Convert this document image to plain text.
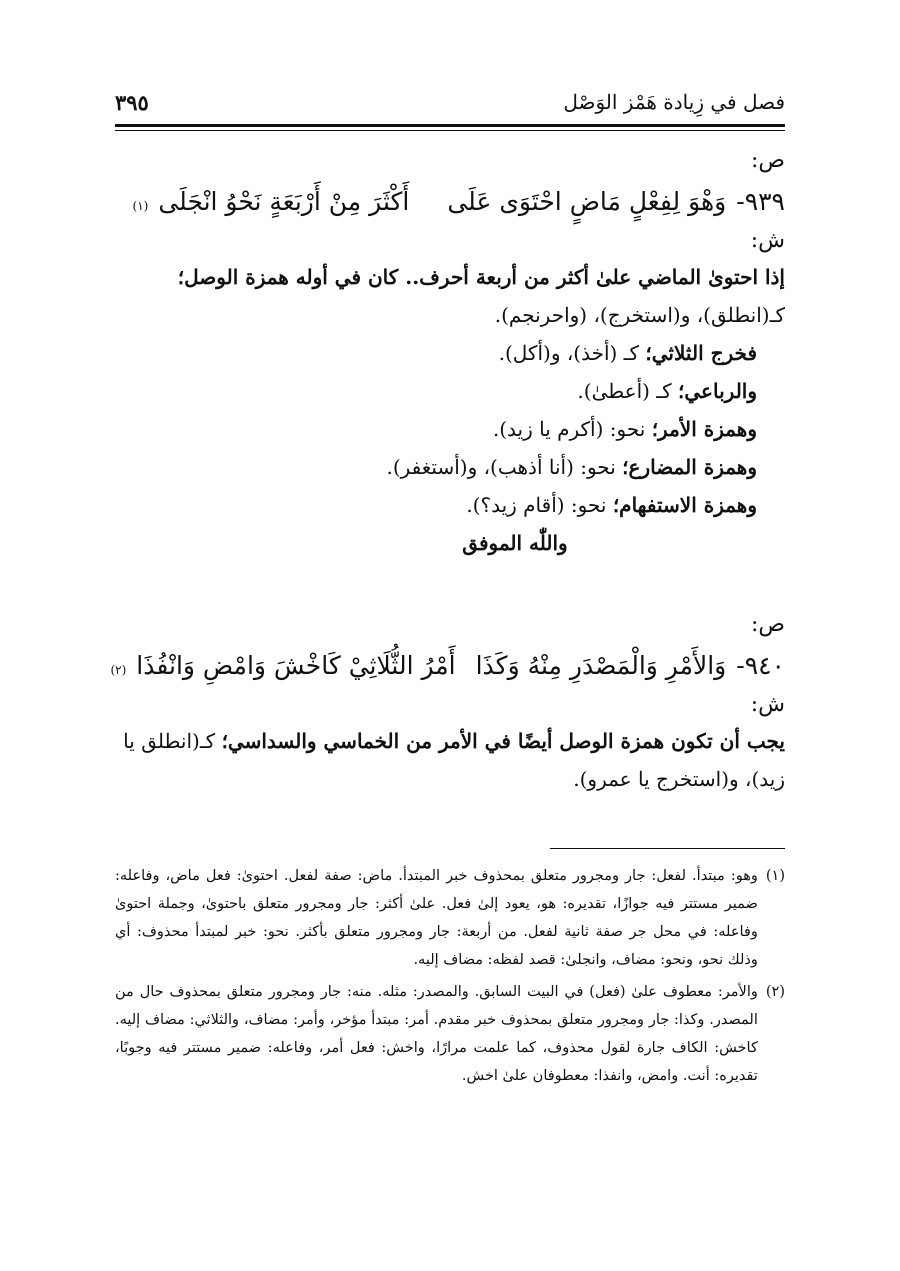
فصل في زِيادة هَمْز الوَصْل
٣٩٥
ص:
٩٣٩-
وَهْوَ لِفِعْلٍ مَاضٍ احْتَوَى عَلَى
أَكْثَرَ مِنْ أَرْبَعَةٍ نَحْوُ انْجَلَى
(١)
ش:
إذا احتوىٰ الماضي علىٰ أكثر من أربعة أحرف.. كان في أوله همزة الوصل؛
كـ(انطلق)، و(استخرج)، (واحرنجم).
فخرج الثلاثي؛ كـ (أخذ)، و(أكل).
والرباعي؛ كـ (أعطىٰ).
وهمزة الأمر؛ نحو: (أكرم يا زيد).
وهمزة المضارع؛ نحو: (أنا أذهب)، و(أستغفر).
وهمزة الاستفهام؛ نحو: (أقام زيد؟).
واللّٰه الموفق
ص:
٩٤٠-
وَالأَمْرِ وَالْمَصْدَرِ مِنْهُ وَكَذَا
أَمْرُ الثُّلَاثِيْ كَاخْشَ وَامْضِ وَانْفُذَا
(٢)
ش:
يجب أن تكون همزة الوصل أيضًا في الأمر من الخماسي والسداسي؛ كـ(انطلق يا زيد)، و(استخرج يا عمرو).
(١)
وهو: مبتدأ. لفعل: جار ومجرور متعلق بمحذوف خبر المبتدأ. ماض: صفة لفعل. احتوىٰ: فعل ماض، وفاعله: ضمير مستتر فيه جوازًا، تقديره: هو، يعود إلىٰ فعل. علىٰ أكثر: جار ومجرور متعلق باحتوىٰ، وجملة احتوىٰ وفاعله: في محل جر صفة ثانية لفعل. من أربعة: جار ومجرور متعلق بأكثر. نحو: خبر لمبتدأ محذوف: أي وذلك نحو، ونحو: مضاف، وانجلىٰ: قصد لفظه: مضاف إليه.
(٢)
والأمر: معطوف علىٰ (فعل) في البيت السابق. والمصدر: مثله. منه: جار ومجرور متعلق بمحذوف حال من المصدر. وكذا: جار ومجرور متعلق بمحذوف خبر مقدم. أمر: مبتدأ مؤخر، وأمر: مضاف، والثلاثي: مضاف إليه. كاخش: الكاف جارة لقول محذوف، كما علمت مرارًا، واخش: فعل أمر، وفاعله: ضمير مستتر فيه وجوبًا، تقديره: أنت. وامض، وانفذا: معطوفان علىٰ اخش.
